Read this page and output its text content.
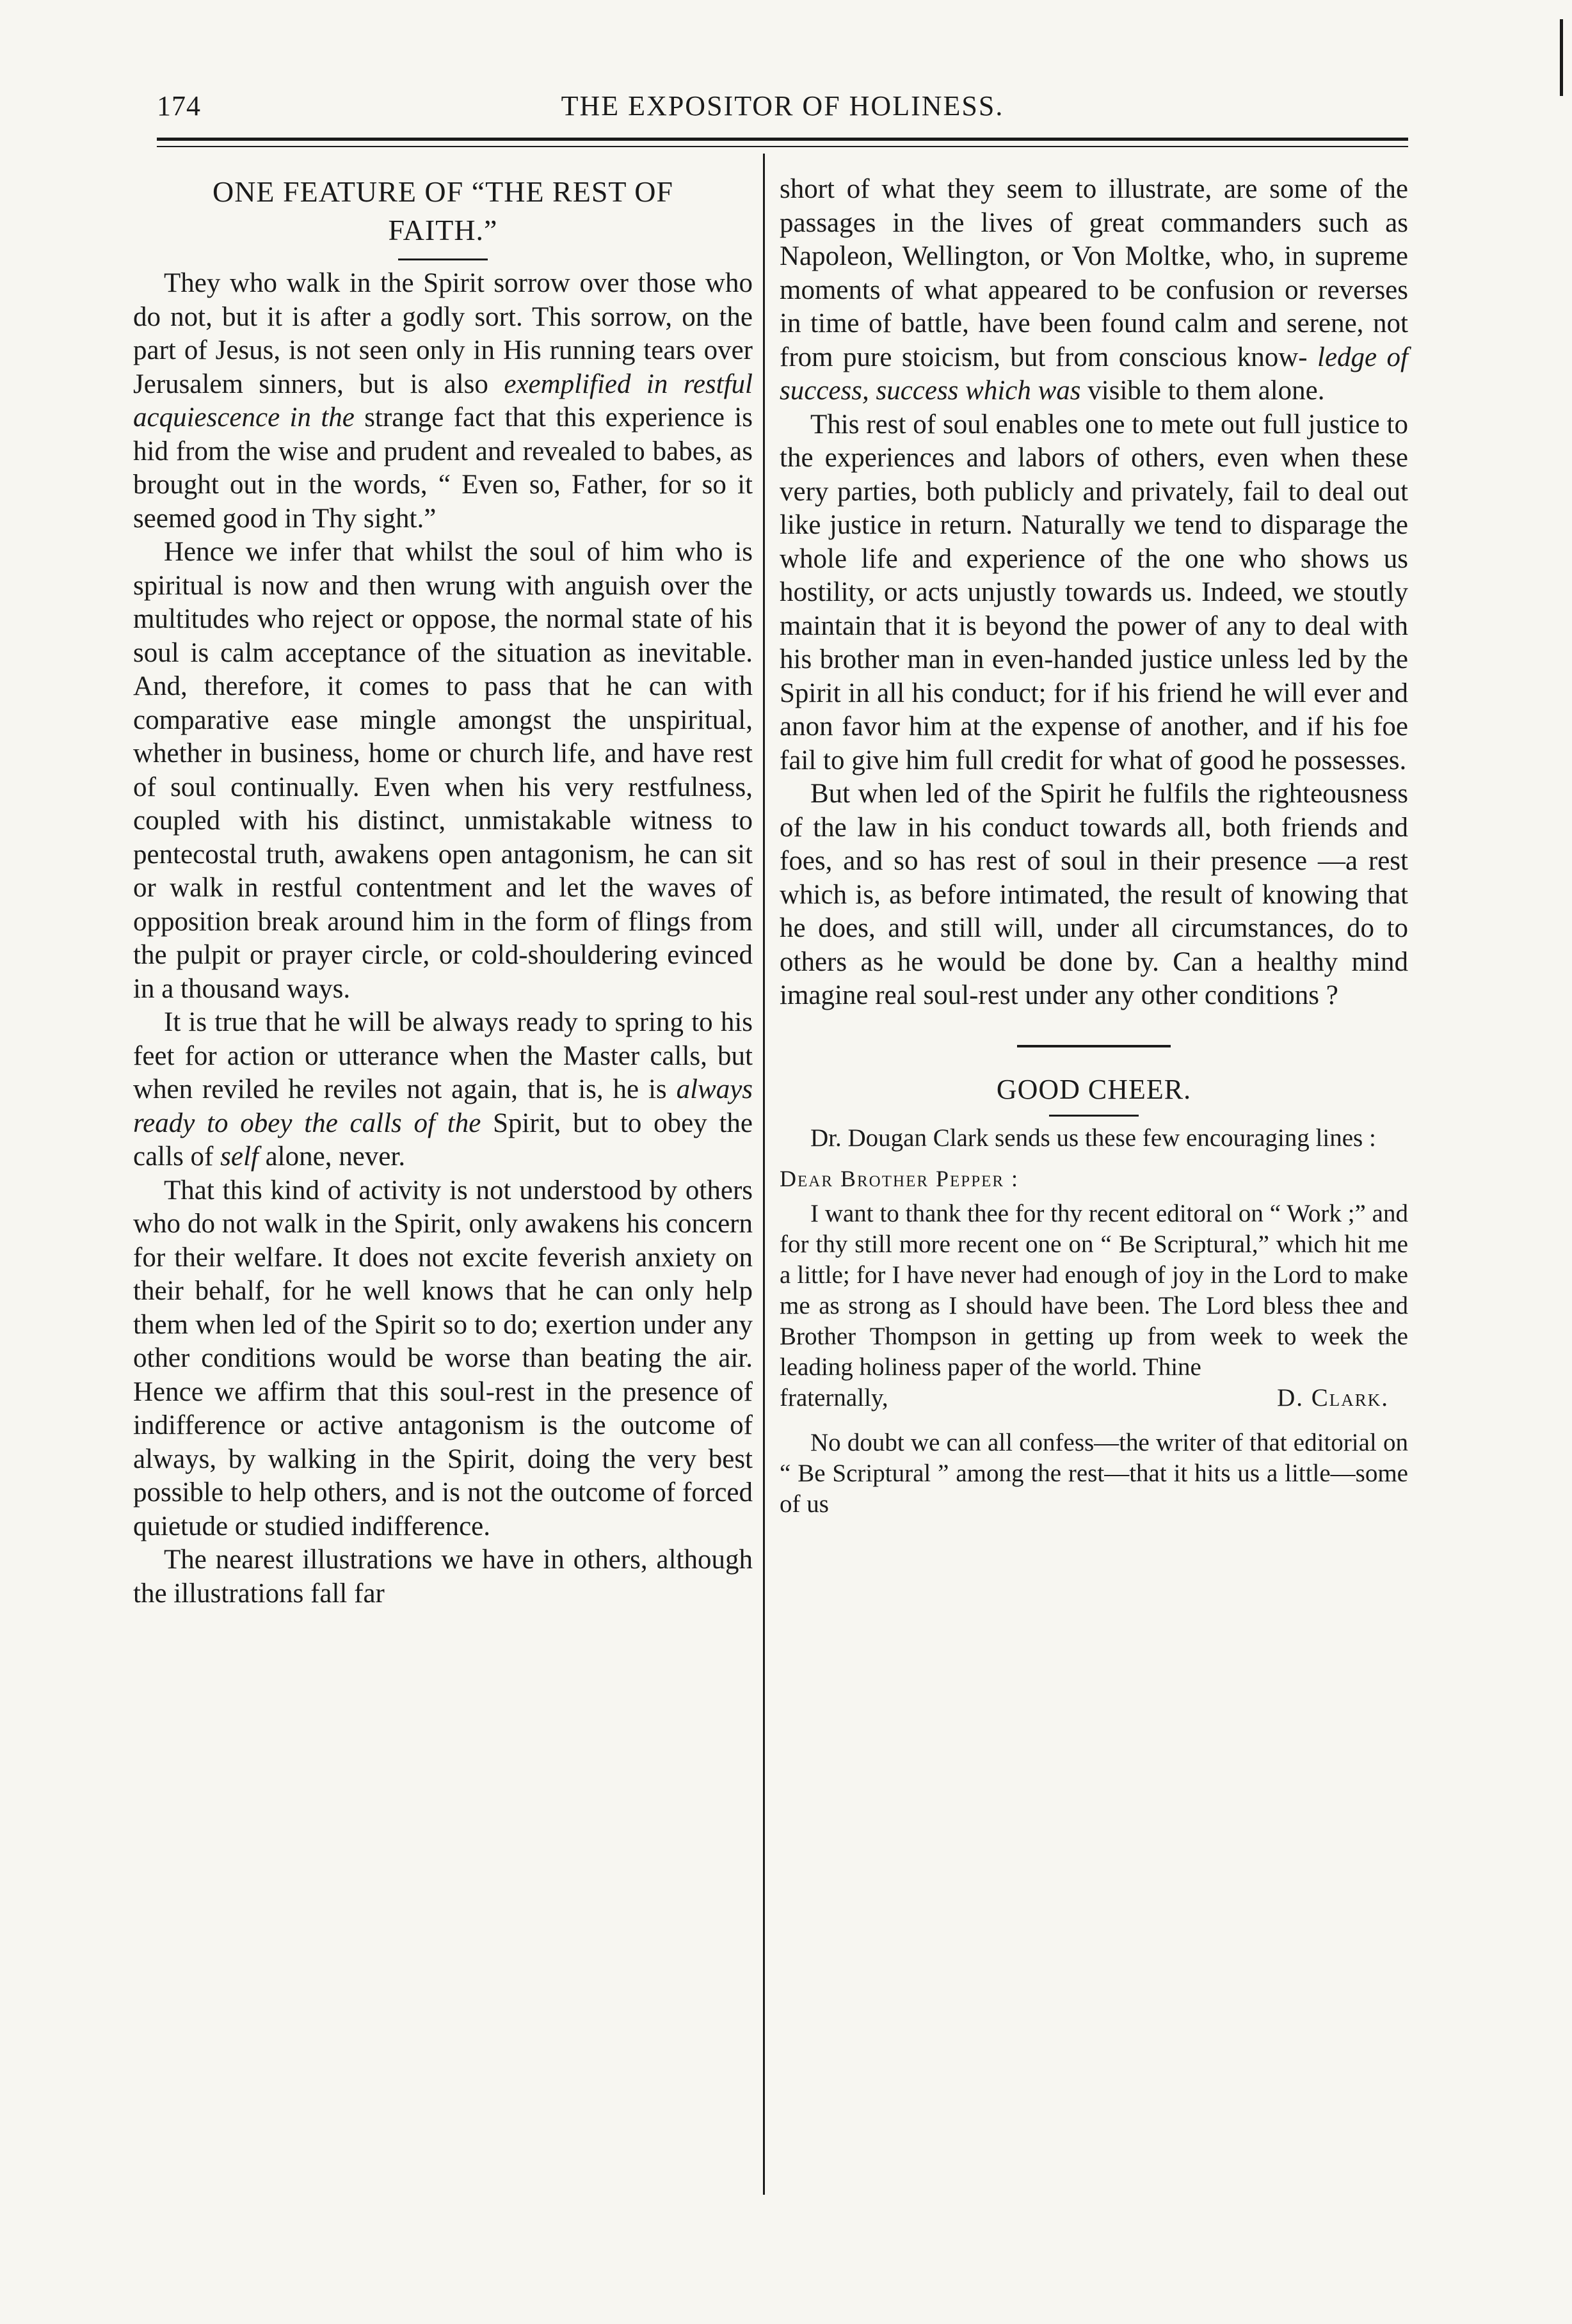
THE EXPOSITOR OF HOLINESS.
174
ONE FEATURE OF “THE REST OF
FAITH.”

They who walk in the Spirit sorrow over those who do not, but it is after a godly sort. This sorrow, on the part of Jesus, is not seen only in His running tears over Jerusalem sinners, but is also exemplified in restful acquiescence in the strange fact that this experience is hid from the wise and prudent and revealed to babes, as brought out in the words, “ Even so, Father, for so it seemed good in Thy sight.”

Hence we infer that whilst the soul of him who is spiritual is now and then wrung with anguish over the multitudes who reject or oppose, the normal state of his soul is calm acceptance of the situation as inevitable. And, therefore, it comes to pass that he can with comparative ease mingle amongst the unspiritual, whether in business, home or church life, and have rest of soul continually. Even when his very restfulness, coupled with his distinct, unmistakable witness to pentecostal truth, awakens open antagonism, he can sit or walk in restful contentment and let the waves of opposition break around him in the form of flings from the pulpit or prayer circle, or cold-shouldering evinced in a thousand ways.

It is true that he will be always ready to spring to his feet for action or utterance when the Master calls, but when reviled he reviles not again, that is, he is always ready to obey the calls of the Spirit, but to obey the calls of self alone, never.

That this kind of activity is not understood by others who do not walk in the Spirit, only awakens his concern for their welfare. It does not excite feverish anxiety on their behalf, for he well knows that he can only help them when led of the Spirit so to do; exertion under any other conditions would be worse than beating the air. Hence we affirm that this soul-rest in the presence of indifference or active antagonism is the outcome of always, by walking in the Spirit, doing the very best possible to help others, and is not the outcome of forced quietude or studied indifference.

The nearest illustrations we have in others, although the illustrations fall far

short of what they seem to illustrate, are some of the passages in the lives of great commanders such as Napoleon, Wellington, or Von Moltke, who, in supreme moments of what appeared to be confusion or reverses in time of battle, have been found calm and serene, not from pure stoicism, but from conscious know- ledge of success, success which was visible to them alone.

This rest of soul enables one to mete out full justice to the experiences and labors of others, even when these very parties, both publicly and privately, fail to deal out like justice in return. Naturally we tend to disparage the whole life and experience of the one who shows us hostility, or acts unjustly towards us. Indeed, we stoutly maintain that it is beyond the power of any to deal with his brother man in even-handed justice unless led by the Spirit in all his conduct; for if his friend he will ever and anon favor him at the expense of another, and if his foe fail to give him full credit for what of good he possesses.

But when led of the Spirit he fulfils the righteousness of the law in his conduct towards all, both friends and foes, and so has rest of soul in their presence —a rest which is, as before intimated, the result of knowing that he does, and still will, under all circumstances, do to others as he would be done by. Can a healthy mind imagine real soul-rest under any other conditions ?

GOOD CHEER.

Dr. Dougan Clark sends us these few encouraging lines :

Dear Brother Pepper :

I want to thank thee for thy recent editoral on “ Work ;” and for thy still more recent one on “ Be Scriptural,” which hit me a little; for I have never had enough of joy in the Lord to make me as strong as I should have been. The Lord bless thee and Brother Thompson in getting up from week to week the leading holiness paper of the world. Thine

fraternally,	D. Clark.

No doubt we can all confess—the writer of that editorial on “ Be Scriptural ” among the rest—that it hits us a little—some of us
